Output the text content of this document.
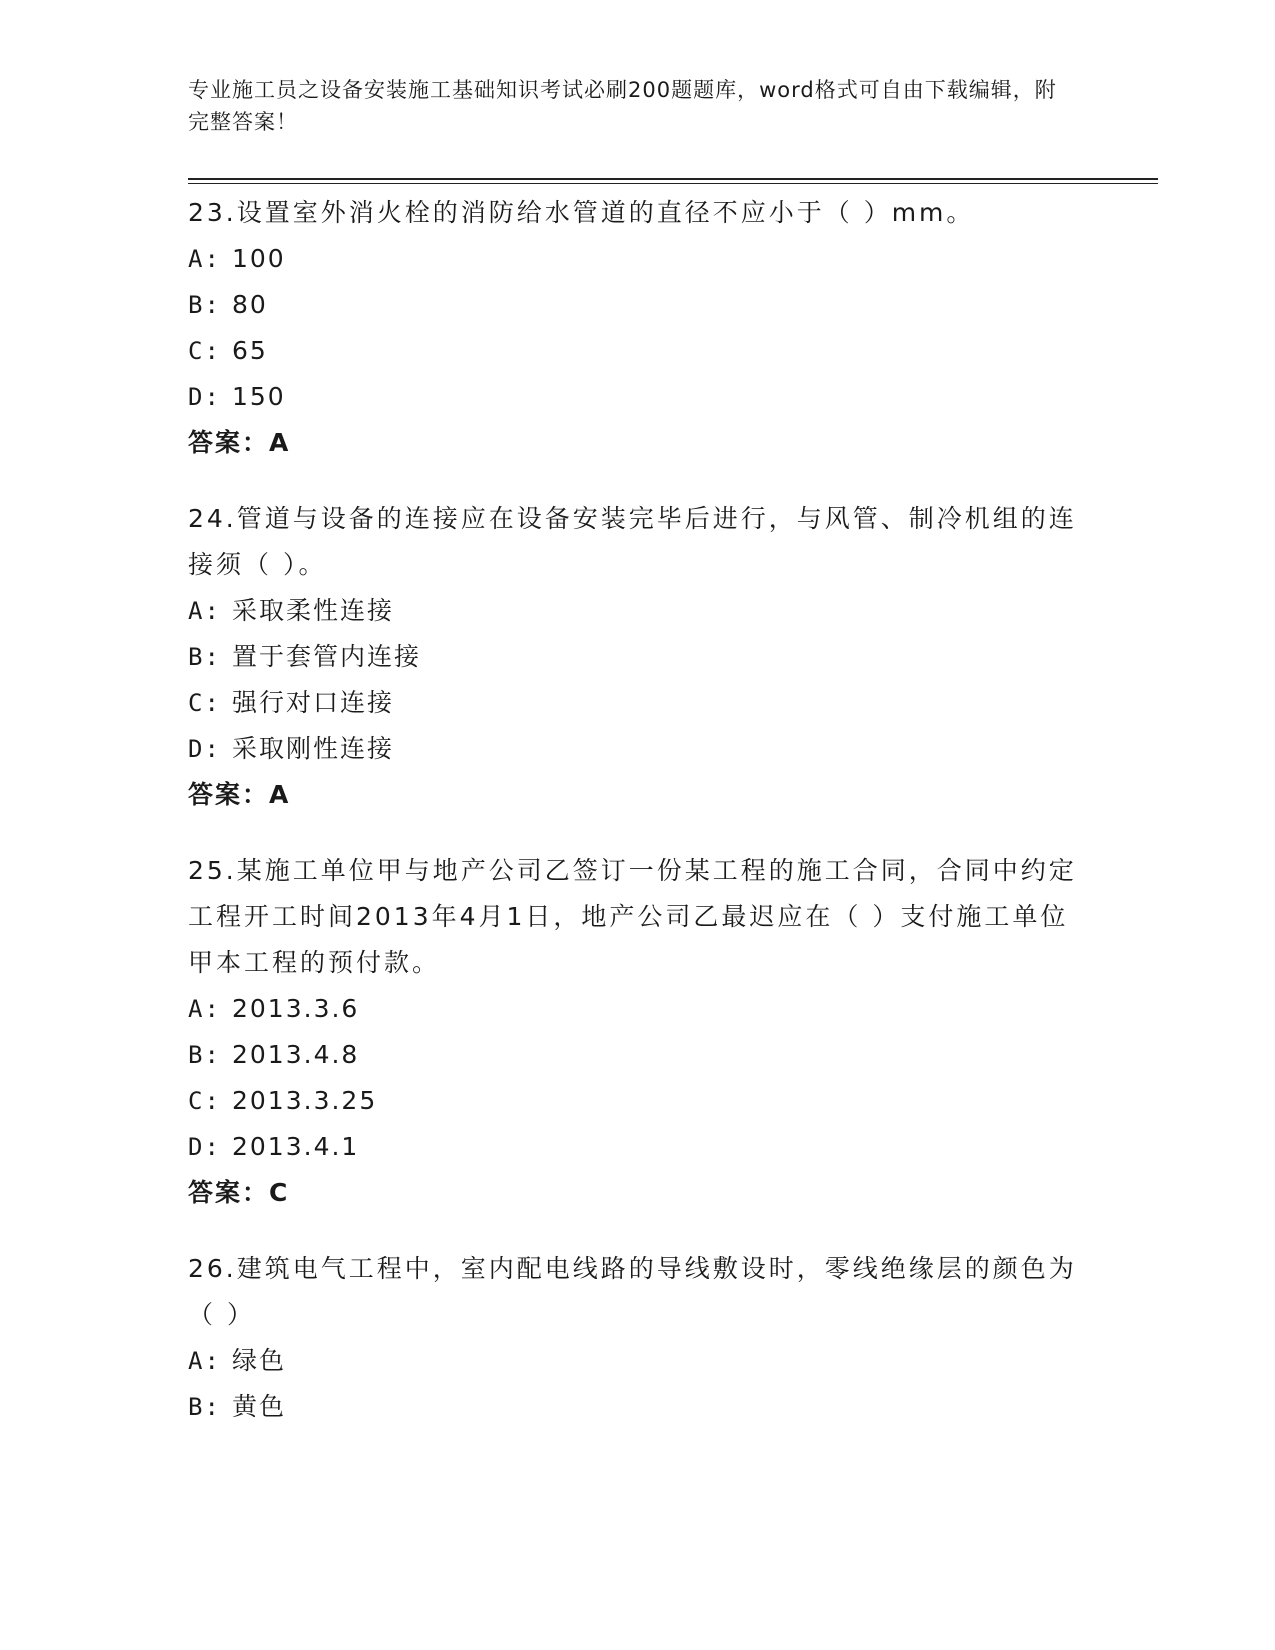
专业施工员之设备安装施工基础知识考试必刷200题题库，word格式可自由下载编辑，附完整答案！

23.设置室外消火栓的消防给水管道的直径不应小于（ ）mm。

A: 100

B: 80

C: 65

D: 150

答案：A

24.管道与设备的连接应在设备安装完毕后进行，与风管、制冷机组的连接须（ ）。

A: 采取柔性连接

B: 置于套管内连接

C: 强行对口连接

D: 采取刚性连接

答案：A

25.某施工单位甲与地产公司乙签订一份某工程的施工合同，合同中约定工程开工时间2013年4月1日，地产公司乙最迟应在（ ）支付施工单位甲本工程的预付款。

A: 2013.3.6

B: 2013.4.8

C: 2013.3.25

D: 2013.4.1

答案：C

26.建筑电气工程中，室内配电线路的导线敷设时，零线绝缘层的颜色为（ ）

A: 绿色

B: 黄色
